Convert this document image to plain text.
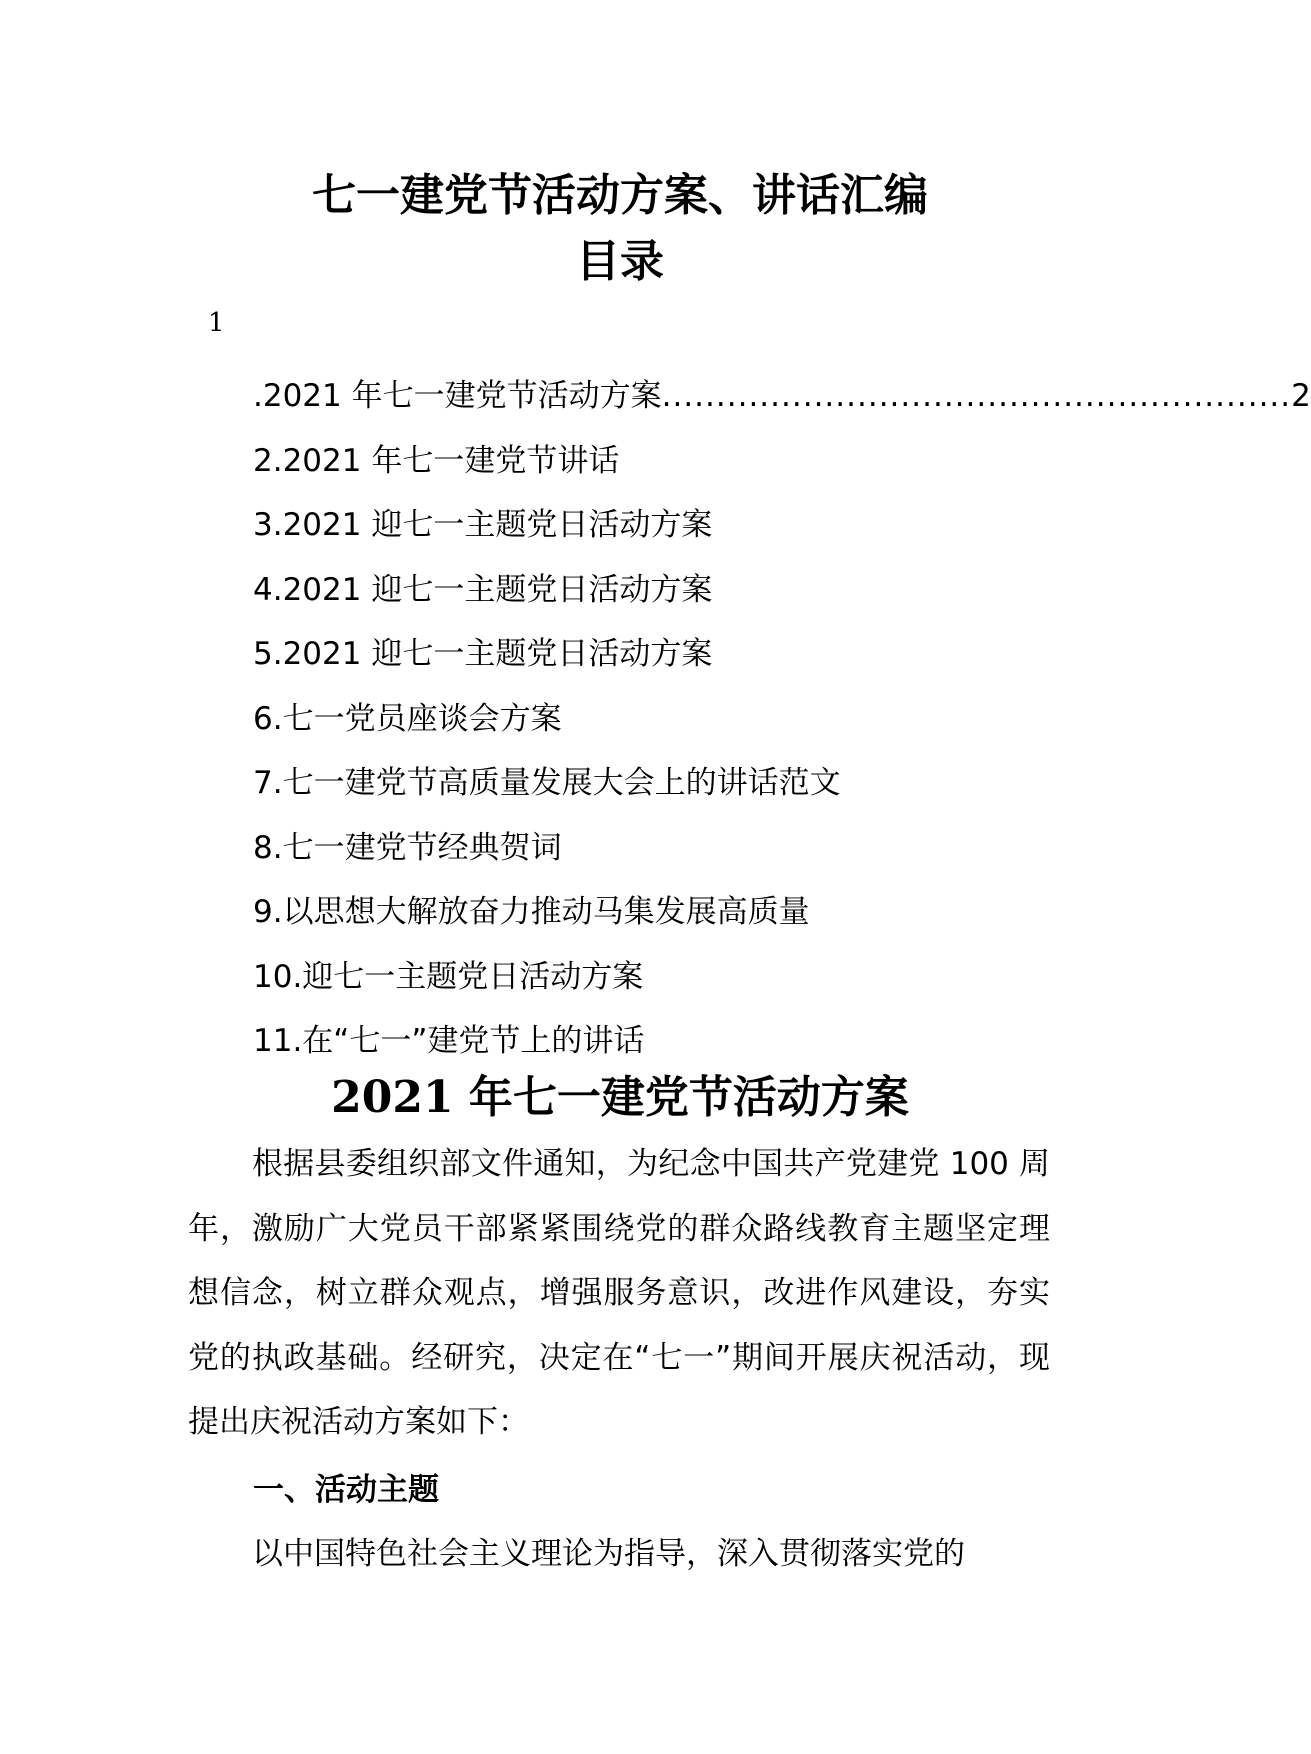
七一建党节活动方案、讲话汇编
目录
1
.2021 年七一建党节活动方案 .......................................................... 2
2.2021 年七一建党节讲话
3.2021 迎七一主题党日活动方案
4.2021 迎七一主题党日活动方案
5.2021 迎七一主题党日活动方案
6.七一党员座谈会方案
7.七一建党节高质量发展大会上的讲话范文
8.七一建党节经典贺词
9.以思想大解放奋力推动马集发展高质量
10.迎七一主题党日活动方案
11.在“七一”建党节上的讲话
2021 年七一建党节活动方案

根据县委组织部文件通知，为纪念中国共产党建党 100 周年，激励广大党员干部紧紧围绕党的群众路线教育主题坚定理想信念，树立群众观点，增强服务意识，改进作风建设，夯实党的执政基础。经研究，决定在“七一”期间开展庆祝活动，现提出庆祝活动方案如下：

一、活动主题

以中国特色社会主义理论为指导，深入贯彻落实党的
